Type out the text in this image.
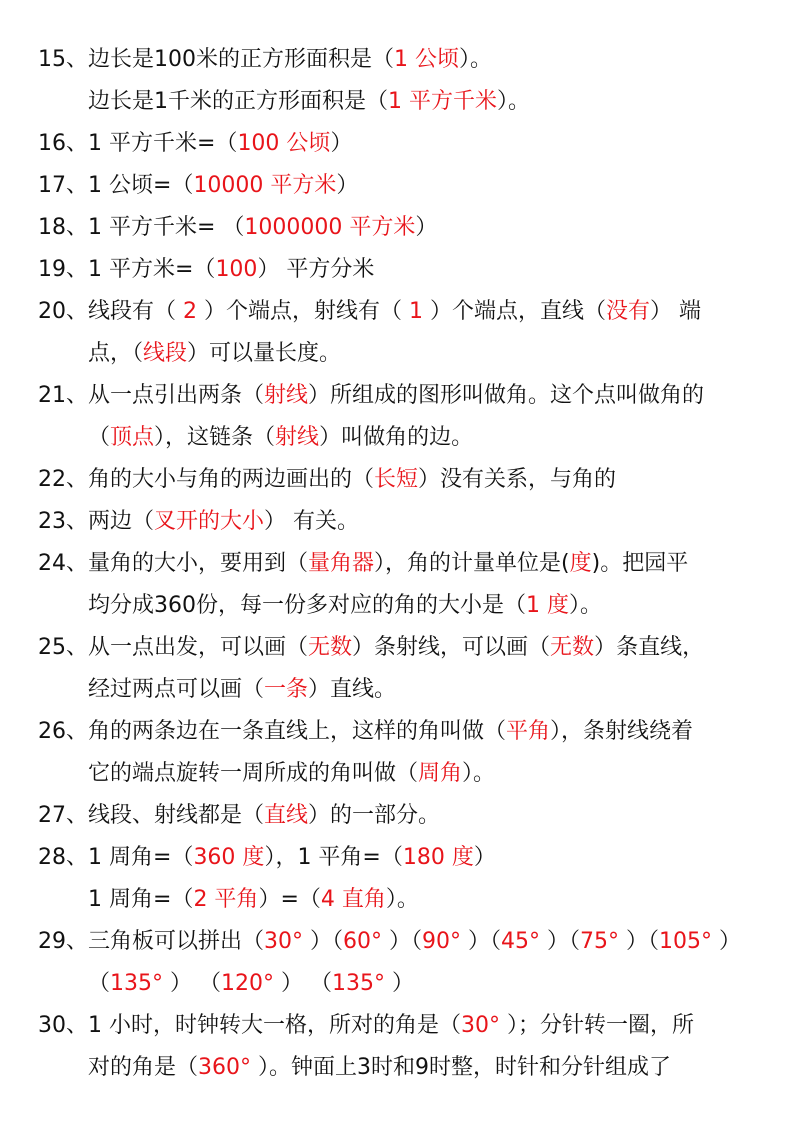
15、边长是100米的正方形面积是（1 公顷）。
边长是1千米的正方形面积是（1 平方千米）。
16、1 平方千米=（100 公顷）
17、1 公顷=（10000 平方米）
18、1 平方千米= （1000000 平方米）
19、1 平方米=（100） 平方分米
20、线段有（ 2 ）个端点，射线有（ 1 ）个端点，直线（没有） 端
点，（线段）可以量长度。
21、从一点引出两条（射线）所组成的图形叫做角。这个点叫做角的
（顶点），这链条（射线）叫做角的边。
22、角的大小与角的两边画出的（长短）没有关系，与角的
23、两边（叉开的大小） 有关。
24、量角的大小，要用到（量角器），角的计量单位是(度)。把园平
均分成360份，每一份多对应的角的大小是（1 度）。
25、从一点出发，可以画（无数）条射线，可以画（无数）条直线，
经过两点可以画（一条）直线。
26、角的两条边在一条直线上，这样的角叫做（平角），条射线绕着
它的端点旋转一周所成的角叫做（周角）。
27、线段、射线都是（直线）的一部分。
28、1 周角=（360 度），1 平角=（180 度）
1 周角=（2 平角）=（4 直角）。
29、三角板可以拼出（30° ）（60° ）（90° ）（45° ）（75° ）（105° ）
（135° ） （120° ） （135° ）
30、1 小时，时钟转大一格，所对的角是（30° ）；分针转一圈，所
对的角是（360° ）。钟面上3时和9时整，时针和分针组成了
